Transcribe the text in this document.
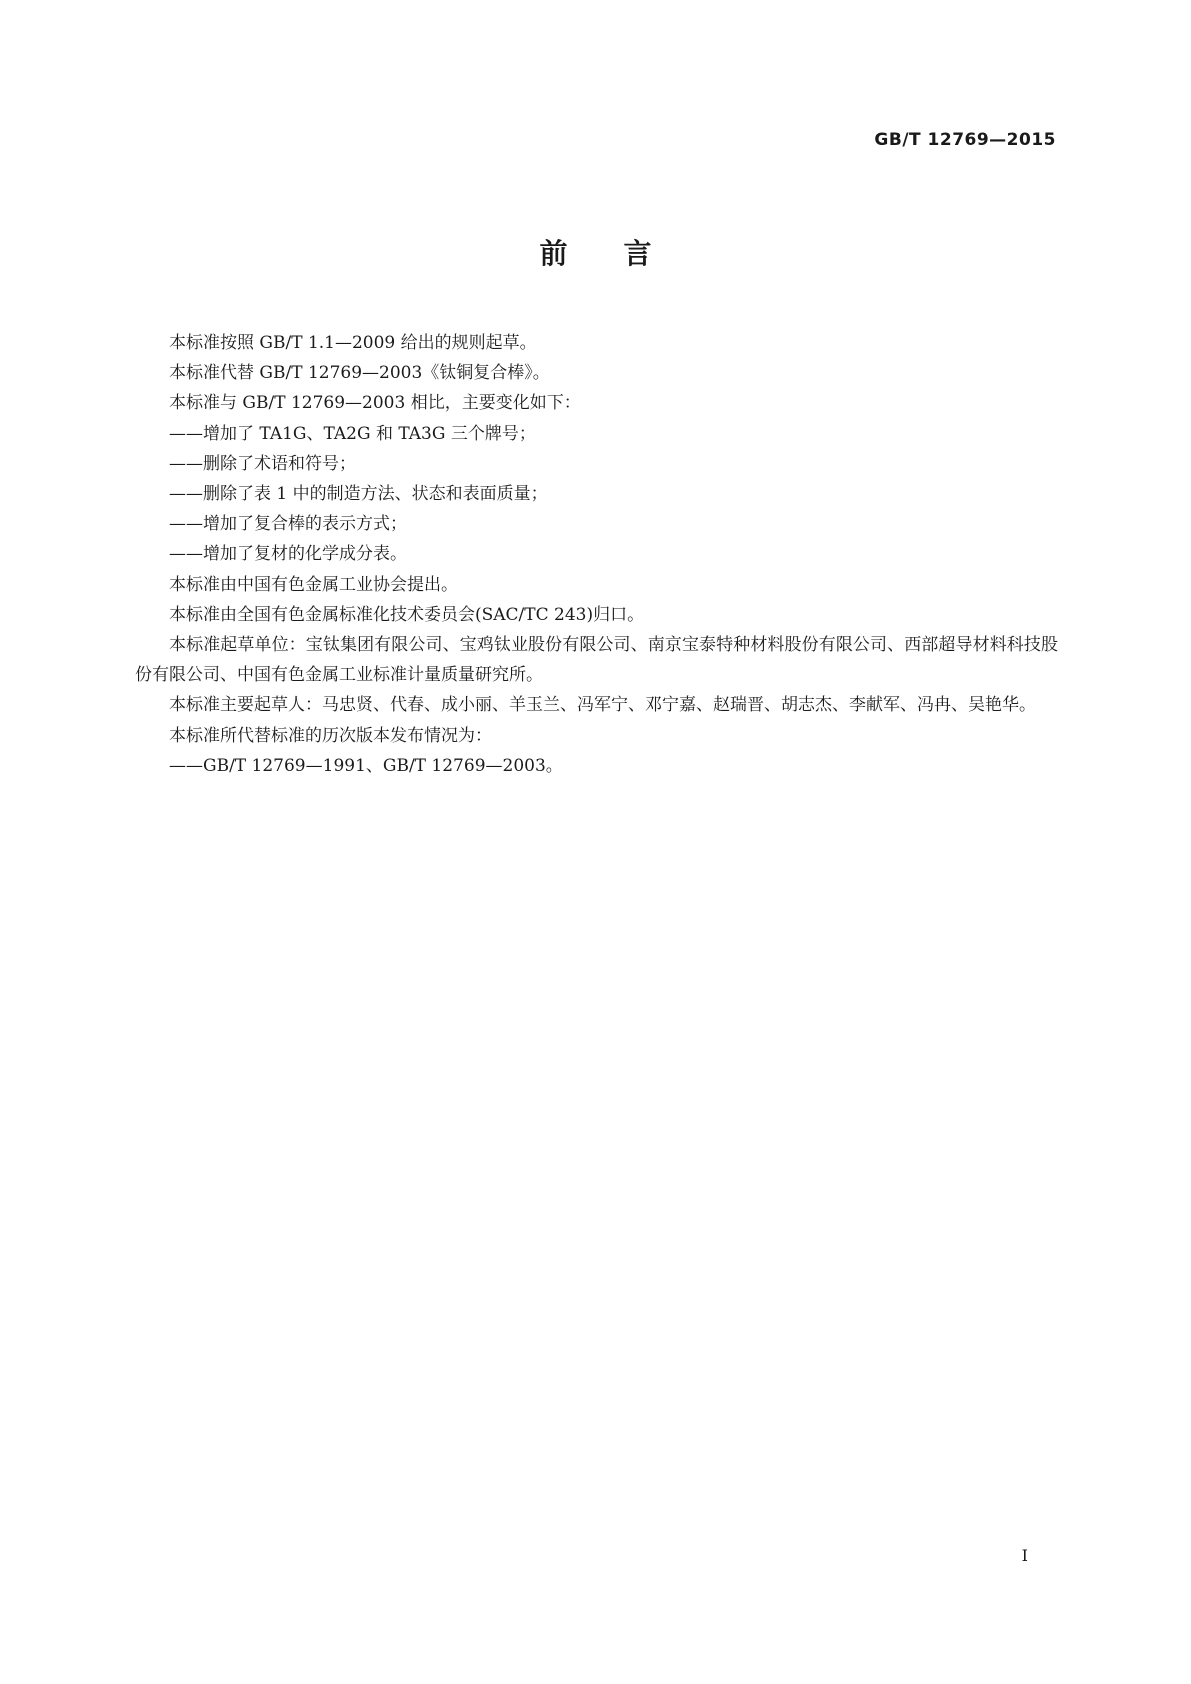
GB/T 12769—2015
前言

本标准按照 GB/T 1.1—2009 给出的规则起草。

本标准代替 GB/T 12769—2003《钛铜复合棒》。

本标准与 GB/T 12769—2003 相比，主要变化如下：

——增加了 TA1G、TA2G 和 TA3G 三个牌号；

——删除了术语和符号；

——删除了表 1 中的制造方法、状态和表面质量；

——增加了复合棒的表示方式；

——增加了复材的化学成分表。

本标准由中国有色金属工业协会提出。

本标准由全国有色金属标准化技术委员会(SAC/TC 243)归口。

本标准起草单位：宝钛集团有限公司、宝鸡钛业股份有限公司、南京宝泰特种材料股份有限公司、西部超导材料科技股份有限公司、中国有色金属工业标准计量质量研究所。

本标准主要起草人：马忠贤、代春、成小丽、羊玉兰、冯军宁、邓宁嘉、赵瑞晋、胡志杰、李献军、冯冉、吴艳华。

本标准所代替标准的历次版本发布情况为：

——GB/T 12769—1991、GB/T 12769—2003。

I
